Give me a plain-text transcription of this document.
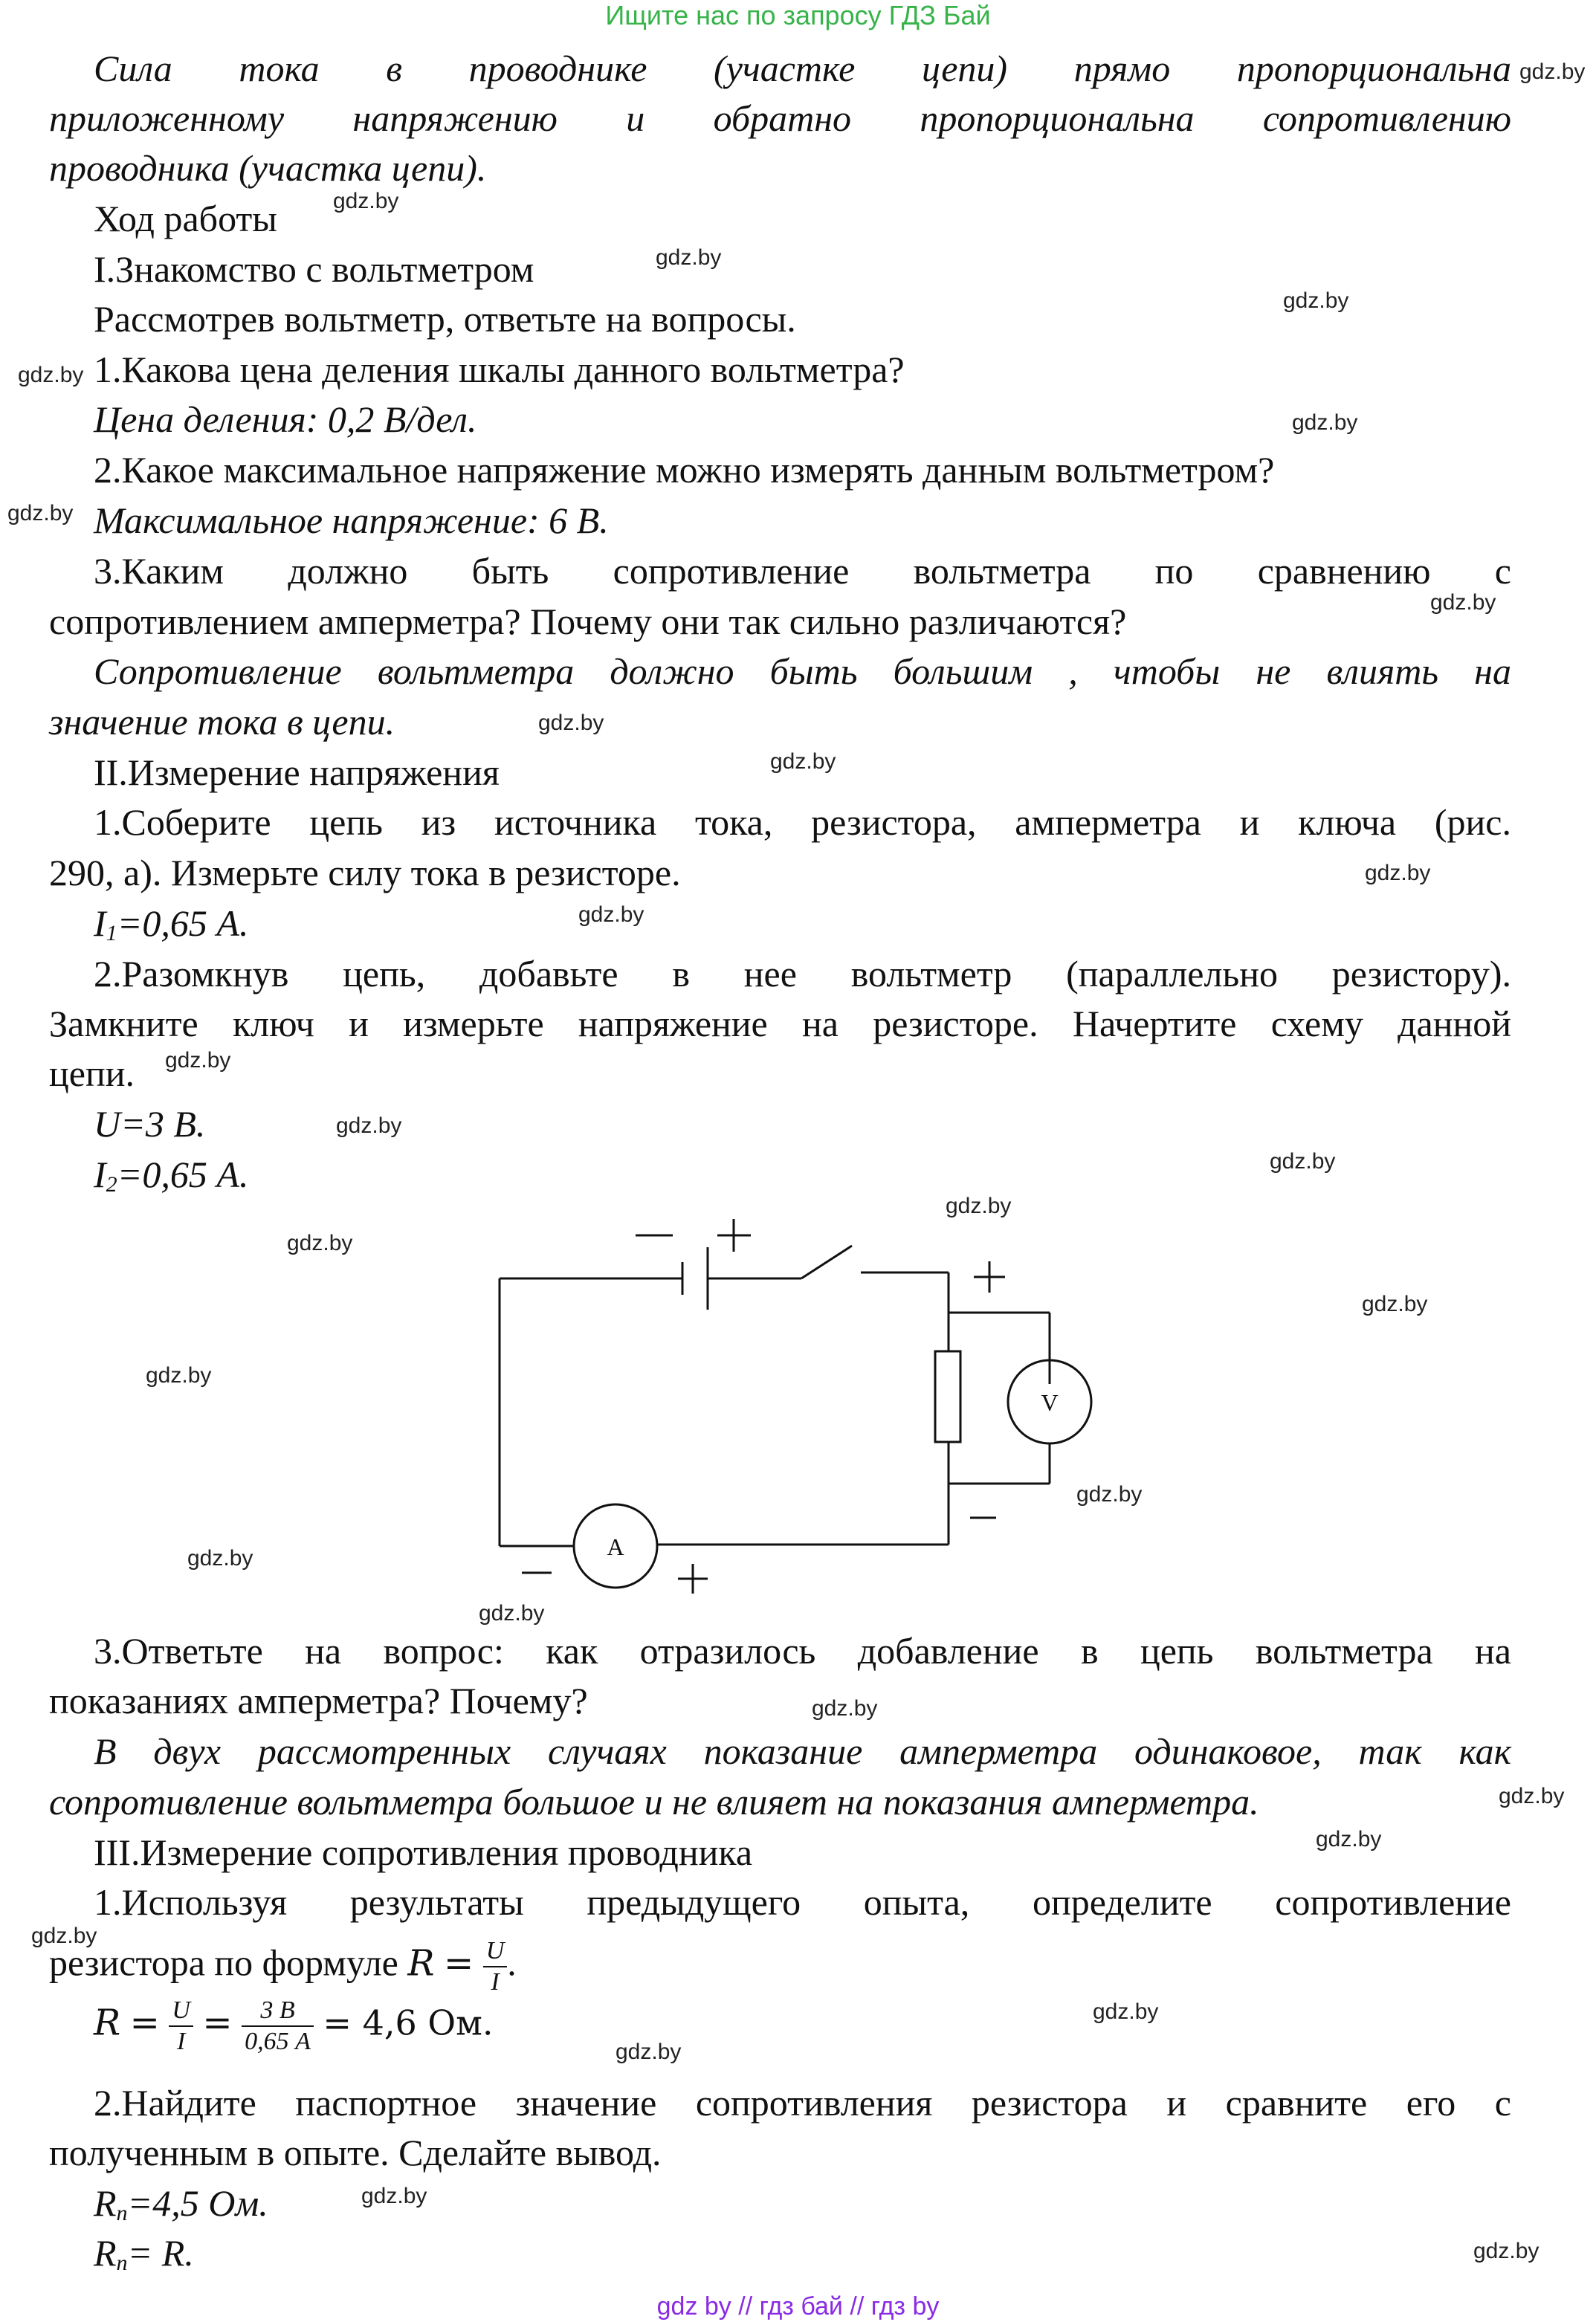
Ищите нас по запросу ГДЗ Бай
Сила тока в проводнике (участке цепи) прямо пропорциональна
приложенному напряжению и обратно пропорциональна сопротивлению
проводника (участка цепи).
Ход работы
I.Знакомство с вольтметром
Рассмотрев вольтметр, ответьте на вопросы.
1.Какова цена деления шкалы данного вольтметра?
Цена деления: 0,2 В/дел.
2.Какое максимальное напряжение можно измерять данным вольтметром?
Максимальное напряжение: 6 В.
3.Каким должно быть сопротивление вольтметра по сравнению с
сопротивлением амперметра? Почему они так сильно различаются?
Сопротивление вольтметра должно быть большим , чтобы не влиять на
значение тока в цепи.
II.Измерение напряжения
1.Соберите цепь из источника тока, резистора, амперметра и ключа (рис.
290, а). Измерьте силу тока в резисторе.
$I_1=0,65$ А.
2.Разомкнув цепь, добавьте в нее вольтметр (параллельно резистору).
Замкните ключ и измерьте напряжение на резисторе. Начертите схему данной
цепи.
U=3 В.
$I_2=0,65$ А.
V
A
3.Ответьте на вопрос: как отразилось добавление в цепь вольтметра на
показаниях амперметра? Почему?
В двух рассмотренных случаях показание амперметра одинаковое, так как
сопротивление вольтметра большое и не влияет на показания амперметра.
III.Измерение сопротивления проводника
1.Используя результаты предыдущего опыта, определите сопротивление
резистора по формуле $R = \frac{U}{I}$ .
$R = \frac{U}{I} = \frac{3 В}{0,65 А} = 4,6$ Ом.
2.Найдите паспортное значение сопротивления резистора и сравните его с
полученным в опыте. Сделайте вывод.
$R_n=4,5$ Ом.
$R_n= R$.
gdz.by
gdz.by
gdz.by
gdz.by
gdz.by
gdz.by
gdz.by
gdz.by
gdz.by
gdz.by
gdz.by
gdz.by
gdz.by
gdz.by
gdz.by
gdz.by
gdz.by
gdz.by
gdz.by
gdz.by
gdz.by
gdz.by
gdz.by
gdz.by
gdz.by
gdz.by
gdz.by
gdz.by
gdz.by
gdz.by
gdz by // гдз бай // гдз by
